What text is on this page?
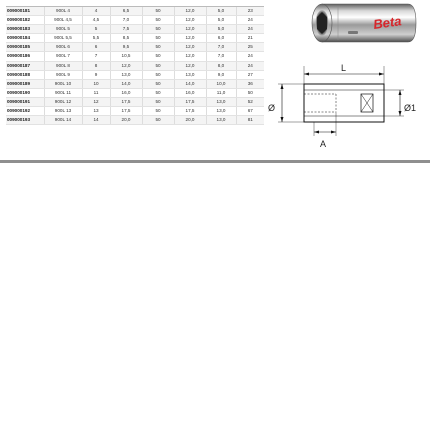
009000181	900L 4	4	6,5	50	12,0	5,0	23
009000182	900L 4,5	4,5	7,0	50	12,0	5,0	24
009000183	900L 5	5	7,5	50	12,0	5,0	24
009000184	900L 5,5	5,5	8,5	50	12,0	6,0	21
009000185	900L 6	6	9,5	50	12,0	7,0	25
009000186	900L 7	7	10,5	50	12,0	7,0	24
009000187	900L 8	8	12,0	50	12,0	8,0	24
009000188	900L 9	9	13,0	50	13,0	9,0	27
009000189	900L 10	10	14,0	50	14,0	10,0	36
009000190	900L 11	11	16,0	50	16,0	11,0	50
009000191	900L 12	12	17,5	50	17,5	13,0	52
009000192	900L 13	13	17,5	50	17,5	13,0	67
009000193	900L 14	14	20,0	50	20,0	13,0	81
Beta
L
Ø	Ø1
A
